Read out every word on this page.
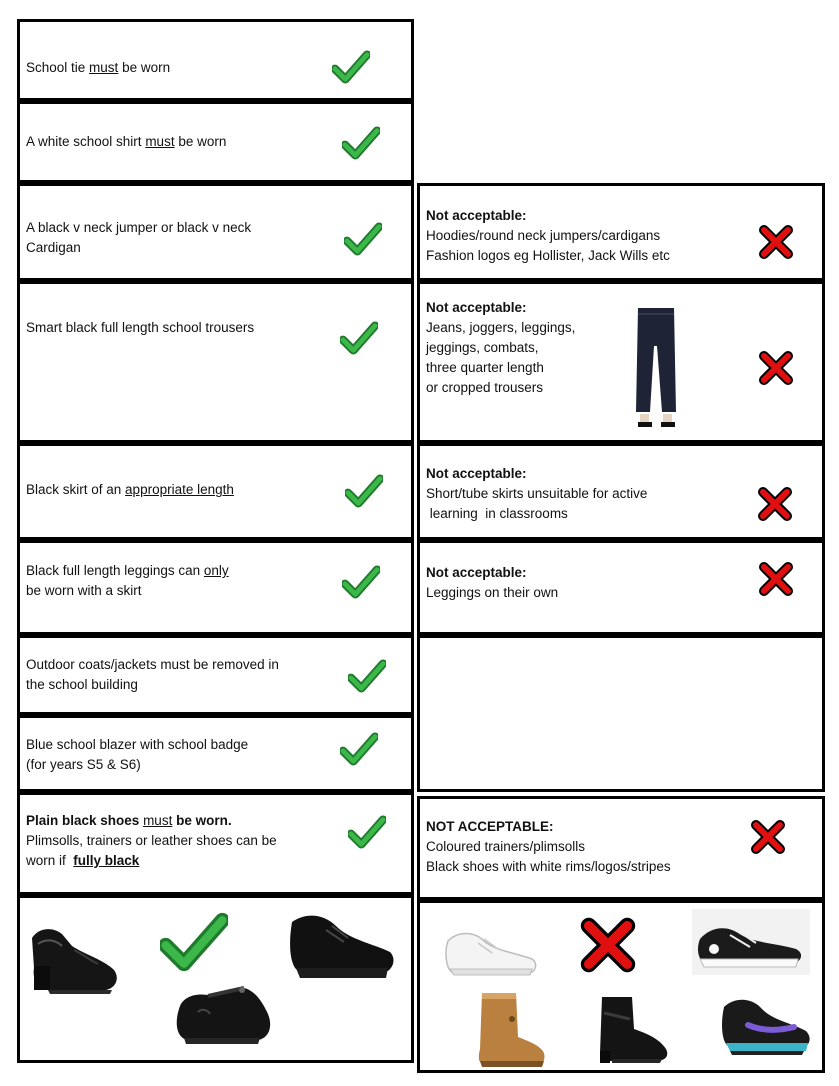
School tie must be worn
A white school shirt must be worn
A black v neck jumper or black v neck
Cardigan
Smart black full length school trousers
Black skirt of an appropriate length
Black full length leggings can only
be worn with a skirt
Outdoor coats/jackets must be removed in
the school building
Blue school blazer with school badge
(for years S5 & S6)
Plain black shoes must be worn.
Plimsolls, trainers or leather shoes can be
worn if  fully black
Not acceptable:
Hoodies/round neck jumpers/cardigans
Fashion logos eg Hollister, Jack Wills etc
Not acceptable:
Jeans, joggers, leggings,
jeggings, combats,
three quarter length
or cropped trousers
Not acceptable:
Short/tube skirts unsuitable for active
learning  in classrooms
Not acceptable:
Leggings on their own
NOT ACCEPTABLE:
Coloured trainers/plimsolls
Black shoes with white rims/logos/stripes
